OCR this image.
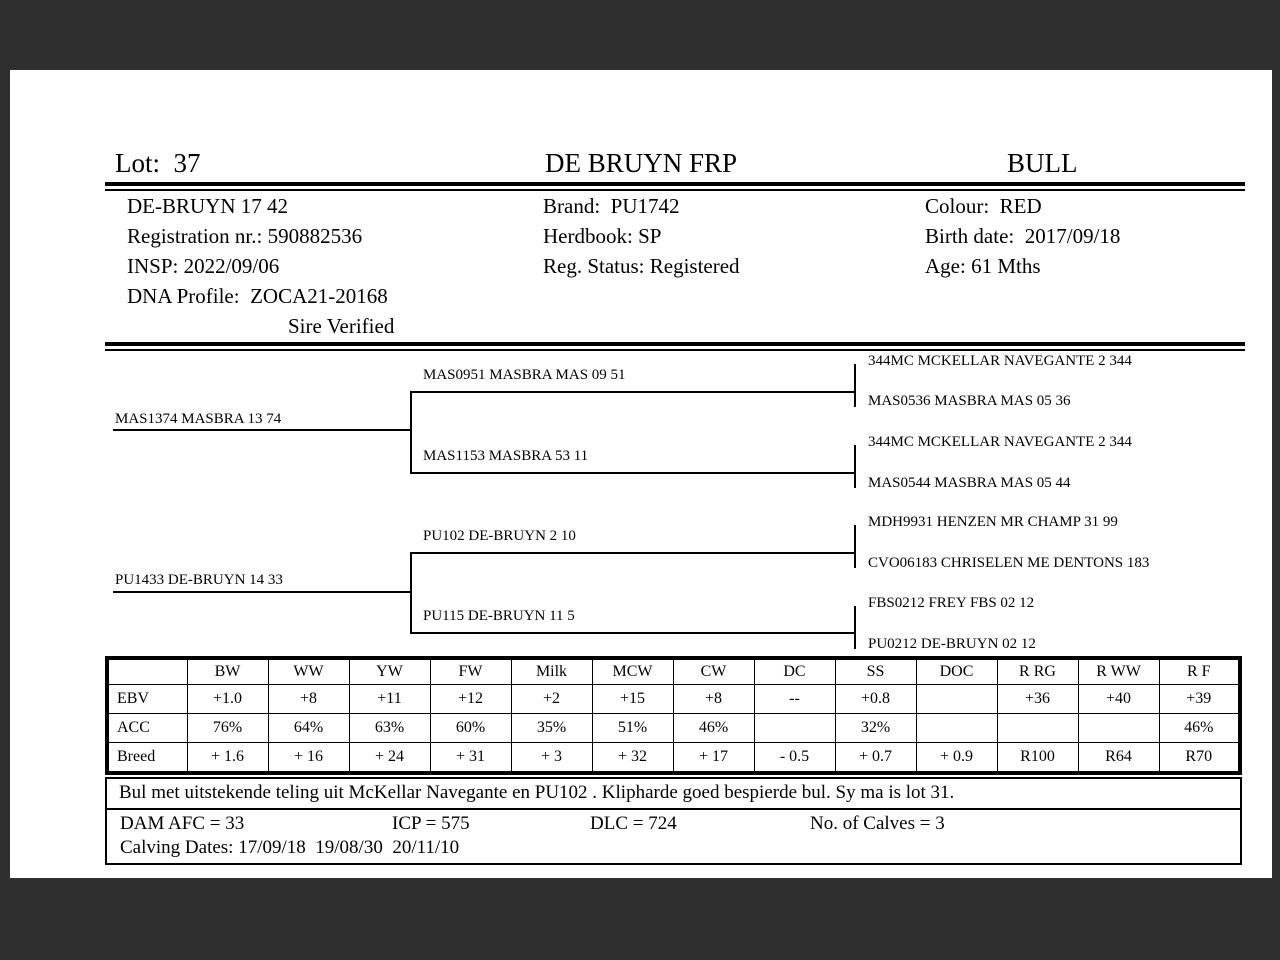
Lot:  37	DE BRUYN FRP	BULL
DE-BRUYN 17 42
Registration nr.: 590882536
INSP: 2022/09/06
DNA Profile:  ZOCA21-20168
Sire Verified
Brand:  PU1742
Herdbook: SP
Reg. Status: Registered
Colour:  RED
Birth date:  2017/09/18
Age: 61 Mths
MAS1374 MASBRA 13 74
PU1433 DE-BRUYN 14 33
MAS0951 MASBRA MAS 09 51
MAS1153 MASBRA 53 11
PU102 DE-BRUYN 2 10
PU115 DE-BRUYN 11 5
344MC MCKELLAR NAVEGANTE 2 344
MAS0536 MASBRA MAS 05 36
344MC MCKELLAR NAVEGANTE 2 344
MAS0544 MASBRA MAS 05 44
MDH9931 HENZEN MR CHAMP 31 99
CVO06183 CHRISELEN ME DENTONS 183
FBS0212 FREY FBS 02 12
PU0212 DE-BRUYN 02 12
	BW	WW	YW	FW	Milk	MCW	CW	DC	SS	DOC	R RG	R WW	R F
EBV	+1.0	+8	+11	+12	+2	+15	+8	--	+0.8		+36	+40	+39
ACC	76%	64%	63%	60%	35%	51%	46%		32%				46%
Breed	+ 1.6	+ 16	+ 24	+ 31	+ 3	+ 32	+ 17	- 0.5	+ 0.7	+ 0.9	R100	R64	R70
Bul met uitstekende teling uit McKellar Navegante en PU102 . Klipharde goed bespierde bul. Sy ma is lot 31.
DAM AFC = 33	ICP = 575	DLC = 724	No. of Calves = 3
Calving Dates: 17/09/18  19/08/30  20/11/10
